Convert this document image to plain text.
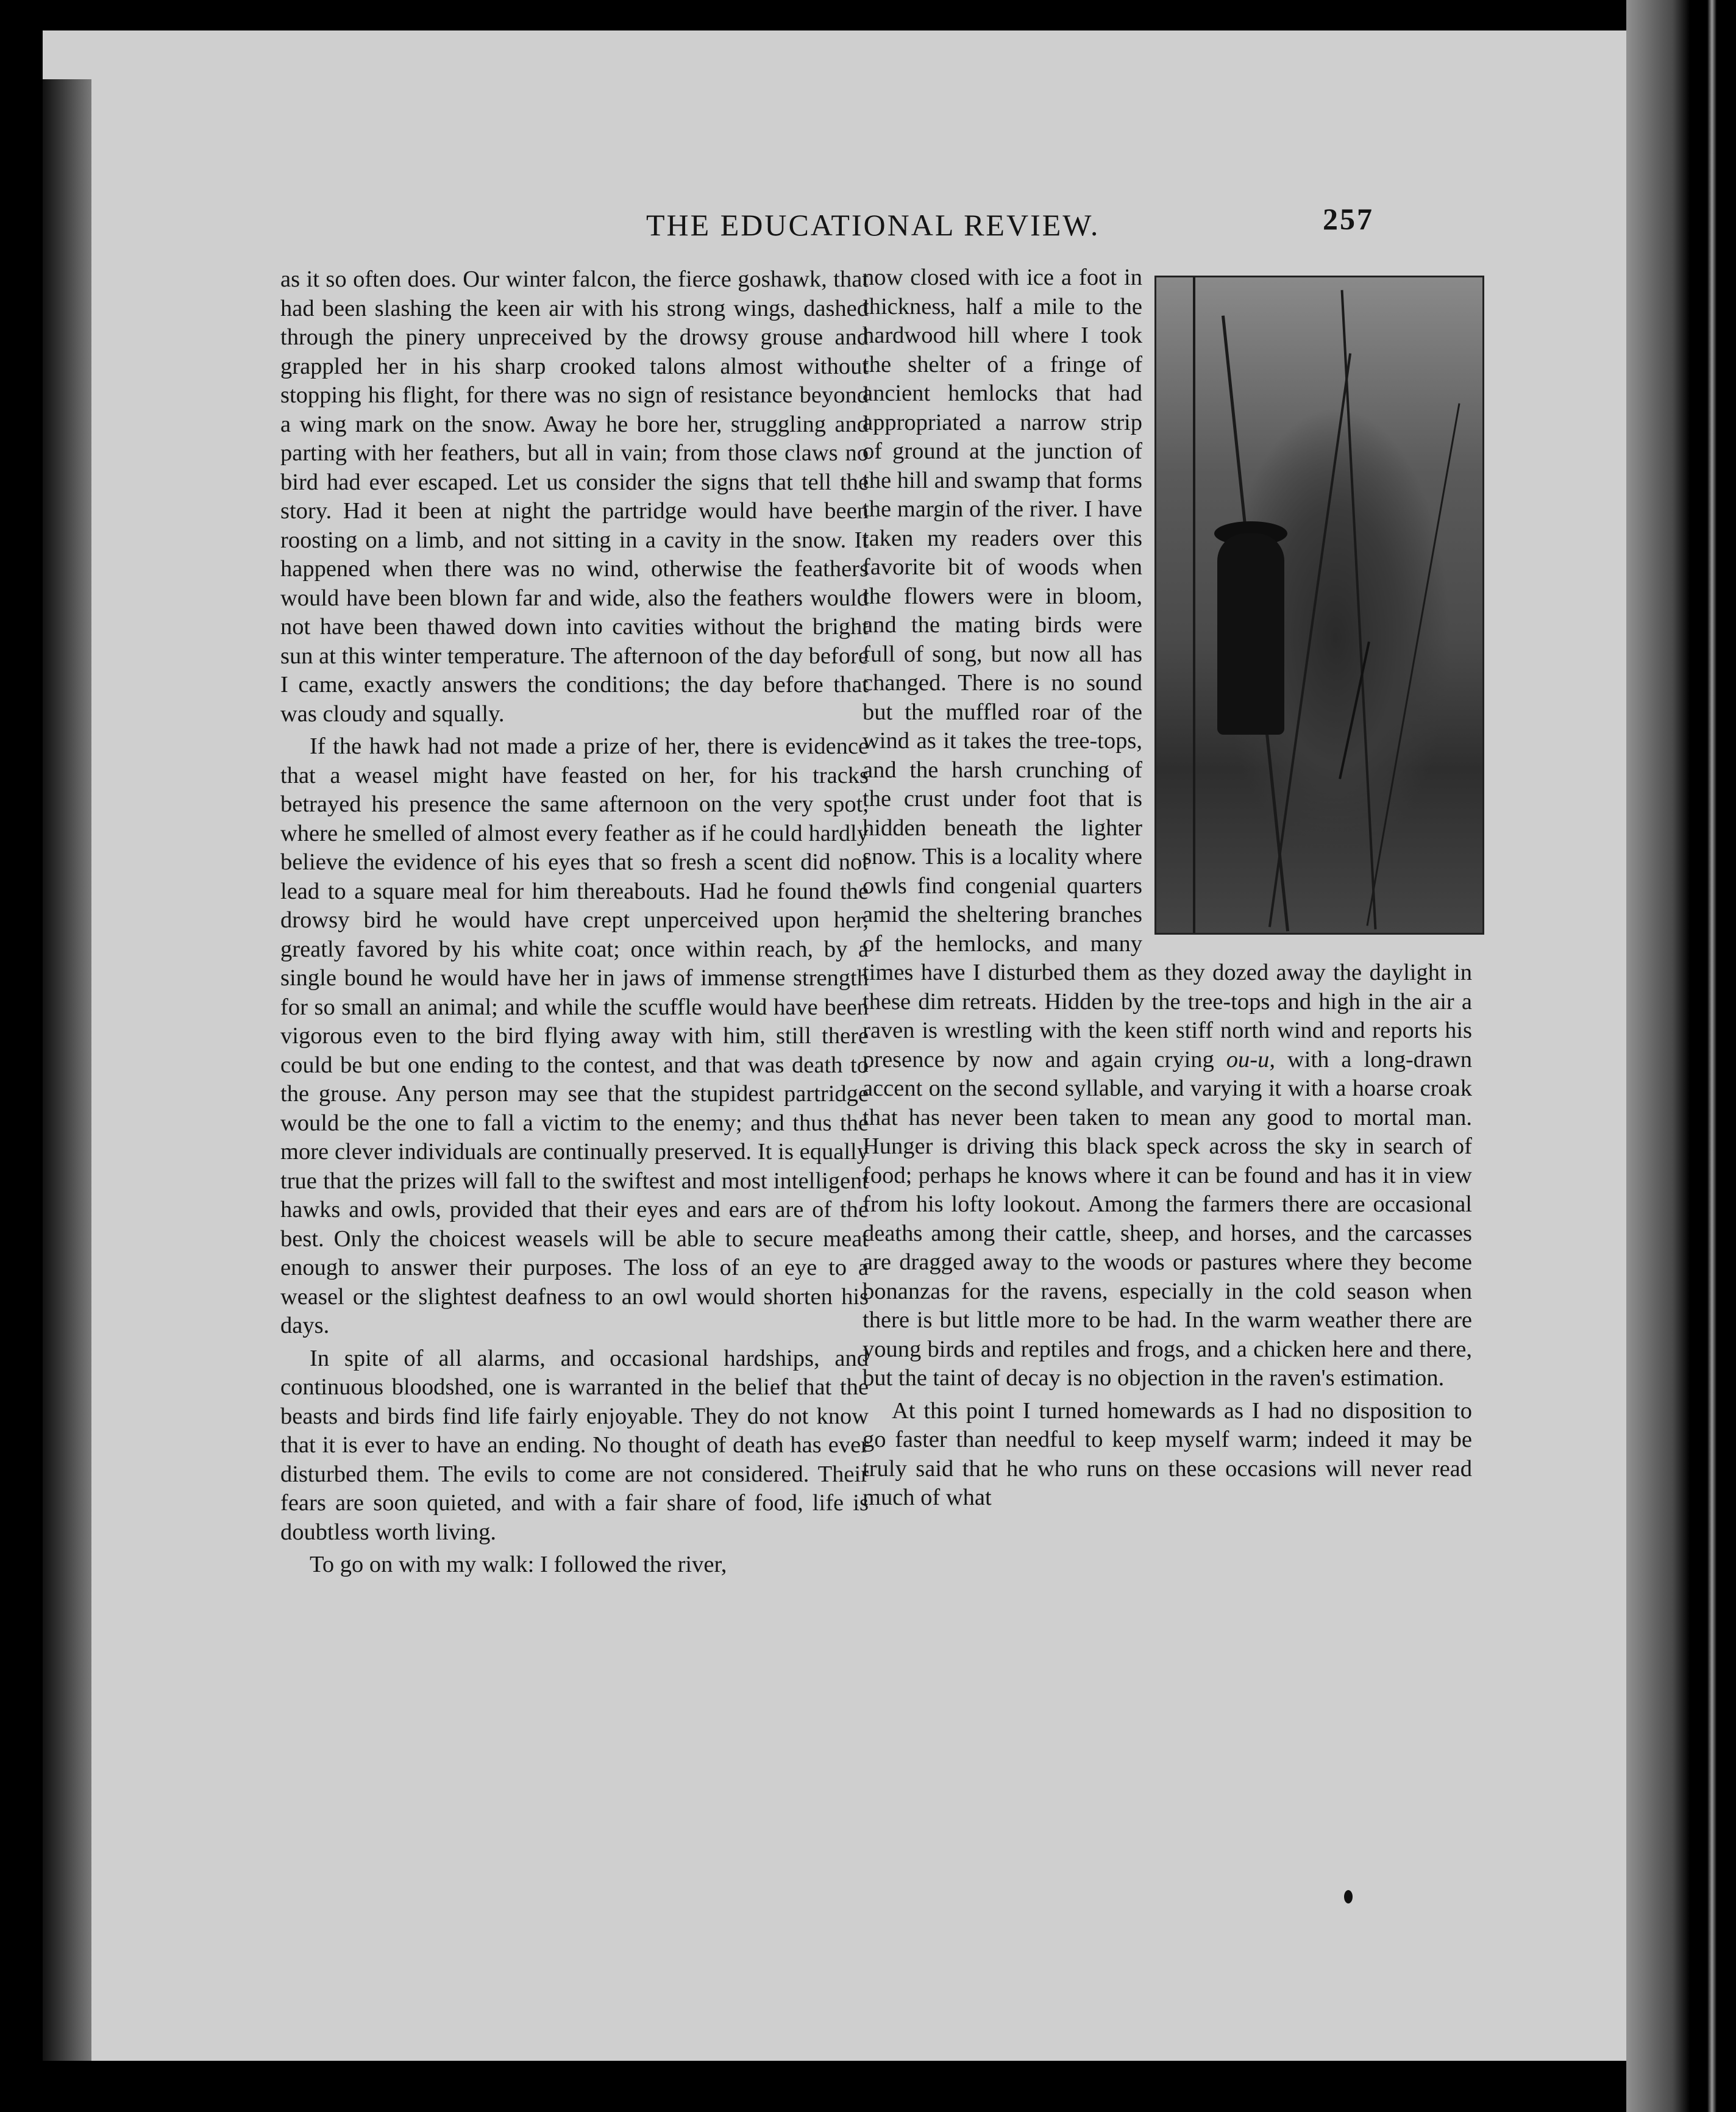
THE EDUCATIONAL REVIEW.	257

as it so often does. Our winter falcon, the fierce goshawk, that had been slashing the keen air with his strong wings, dashed through the pinery unpreceived by the drowsy grouse and grappled her in his sharp crooked talons almost without stopping his flight, for there was no sign of resistance beyond a wing mark on the snow. Away he bore her, struggling and parting with her feathers, but all in vain; from those claws no bird had ever escaped. Let us consider the signs that tell the story. Had it been at night the partridge would have been roosting on a limb, and not sitting in a cavity in the snow. It happened when there was no wind, otherwise the feathers would have been blown far and wide, also the feathers would not have been thawed down into cavities without the bright sun at this winter temperature. The afternoon of the day before I came, exactly answers the conditions; the day before that was cloudy and squally.

If the hawk had not made a prize of her, there is evidence that a weasel might have feasted on her, for his tracks betrayed his presence the same afternoon on the very spot, where he smelled of almost every feather as if he could hardly believe the evidence of his eyes that so fresh a scent did not lead to a square meal for him thereabouts. Had he found the drowsy bird he would have crept unperceived upon her, greatly favored by his white coat; once within reach, by a single bound he would have her in jaws of immense strength for so small an animal; and while the scuffle would have been vigorous even to the bird flying away with him, still there could be but one ending to the contest, and that was death to the grouse. Any person may see that the stupidest partridge would be the one to fall a victim to the enemy; and thus the more clever individuals are continually preserved. It is equally true that the prizes will fall to the swiftest and most intelligent hawks and owls, provided that their eyes and ears are of the best. Only the choicest weasels will be able to secure meat enough to answer their purposes. The loss of an eye to a weasel or the slightest deafness to an owl would shorten his days.

In spite of all alarms, and occasional hardships, and continuous bloodshed, one is warranted in the belief that the beasts and birds find life fairly enjoyable. They do not know that it is ever to have an ending. No thought of death has ever disturbed them. The evils to come are not considered. Their fears are soon quieted, and with a fair share of food, life is doubtless worth living.

To go on with my walk: I followed the river,

now closed with ice a foot in thickness, half a mile to the hardwood hill where I took the shelter of a fringe of ancient hemlocks that had appropriated a narrow strip of ground at the junction of the hill and swamp that forms the margin of the river. I have taken my readers over this favorite bit of woods when the flowers were in bloom, and the mating birds were full of song, but now all has changed. There is no sound but the muffled roar of the wind as it takes the tree-tops, and the harsh crunching of the crust under foot that is hidden beneath the lighter snow. This is a locality where owls find congenial quarters amid the sheltering branches of the hemlocks, and many times have I disturbed them as they dozed away the daylight in these dim retreats. Hidden by the tree-tops and high in the air a raven is wrestling with the keen stiff north wind and reports his presence by now and again crying ou-u, with a long-drawn accent on the second syllable, and varying it with a hoarse croak that has never been taken to mean any good to mortal man. Hunger is driving this black speck across the sky in search of food; perhaps he knows where it can be found and has it in view from his lofty lookout. Among the farmers there are occasional deaths among their cattle, sheep, and horses, and the carcasses are dragged away to the woods or pastures where they become bonanzas for the ravens, especially in the cold season when there is but little more to be had. In the warm weather there are young birds and reptiles and frogs, and a chicken here and there, but the taint of decay is no objection in the raven's estimation.

At this point I turned homewards as I had no disposition to go faster than needful to keep myself warm; indeed it may be truly said that he who runs on these occasions will never read much of what
